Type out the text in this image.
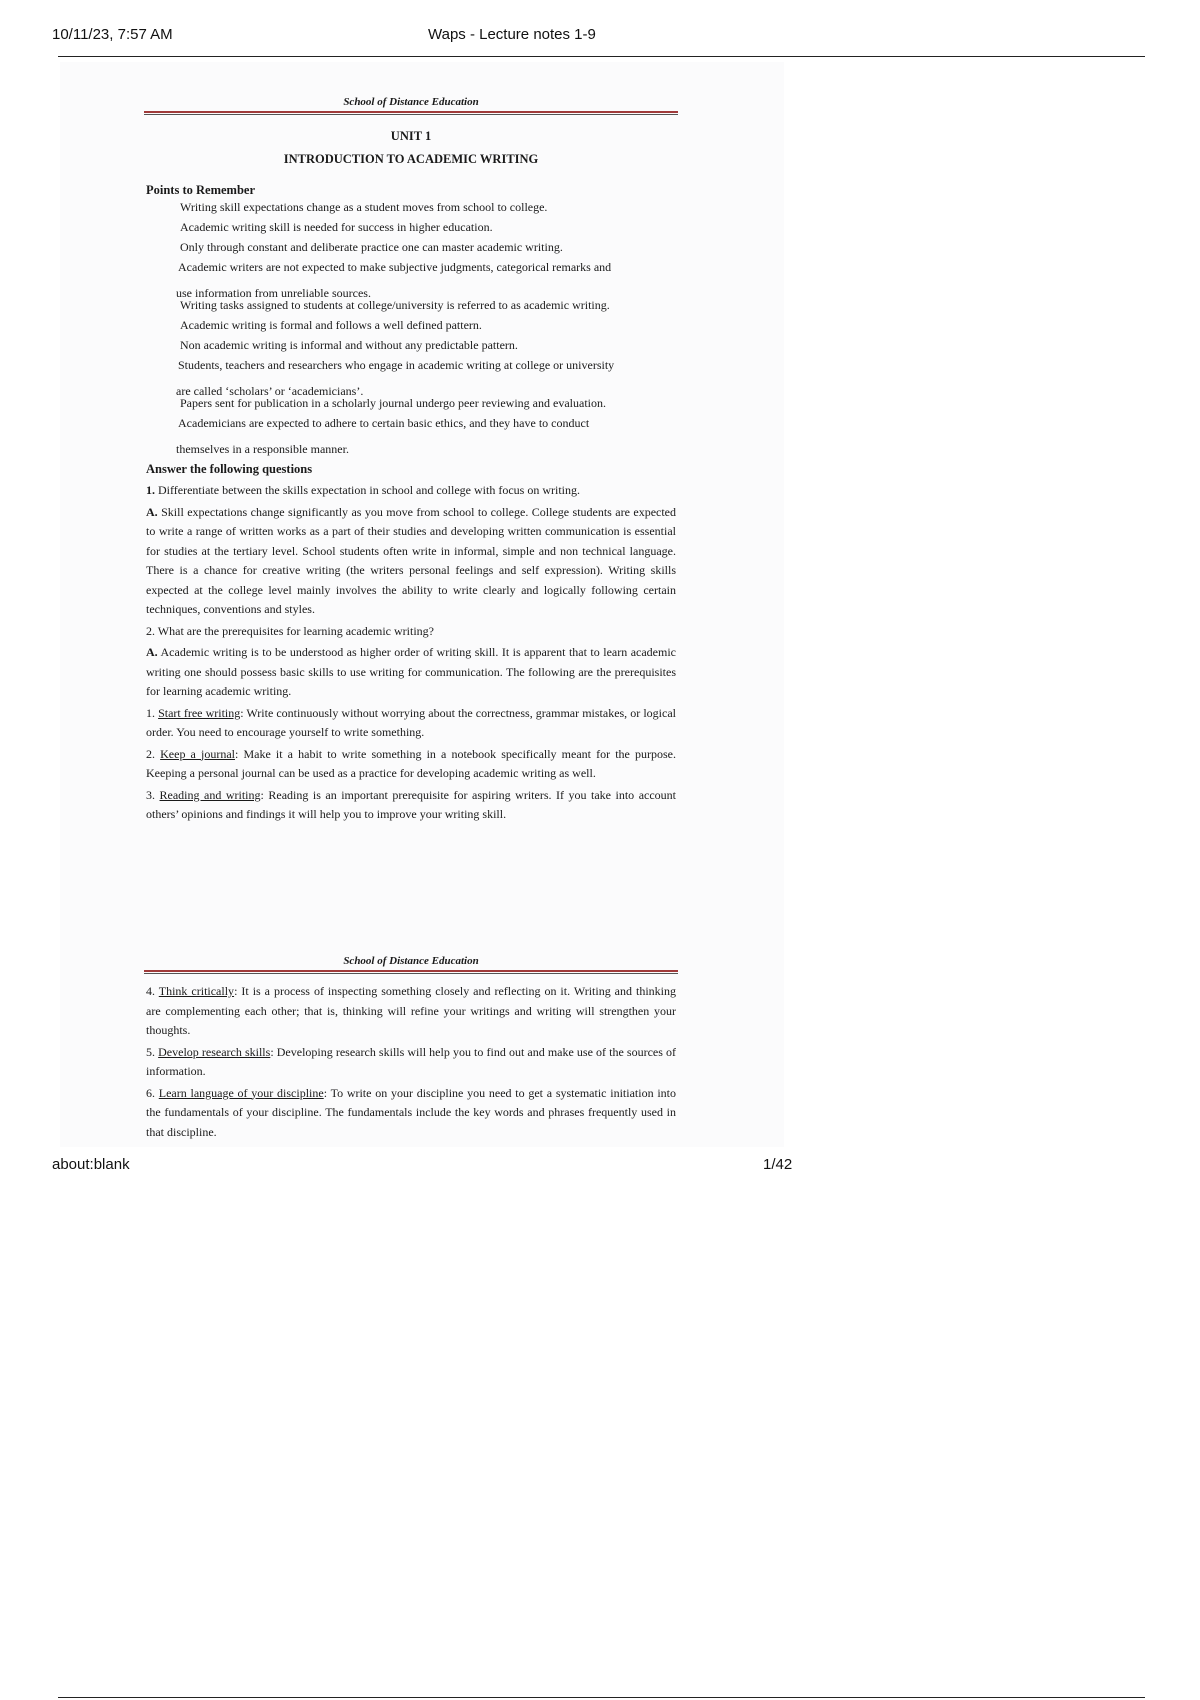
10/11/23, 7:57 AM	Waps - Lecture notes 1-9
School of Distance Education
UNIT 1
INTRODUCTION TO ACADEMIC WRITING
Points to Remember
Writing skill expectations change as a student moves from school to college.
Academic writing skill is needed for success in higher education.
Only through constant and deliberate practice one can master academic writing.
Academic writers are not expected to make subjective judgments, categorical remarks and
use information from unreliable sources.
Writing tasks assigned to students at college/university is referred to as academic writing.
Academic writing is formal and follows a well defined pattern.
Non academic writing is informal and without any predictable pattern.
Students, teachers and researchers who engage in academic writing at college or university
are called ‘scholars’ or ‘academicians’.
Papers sent for publication in a scholarly journal undergo peer reviewing and evaluation.
Academicians are expected to adhere to certain basic ethics, and they have to conduct
themselves in a responsible manner.
Answer the following questions

1. Differentiate between the skills expectation in school and college with focus on writing.

A. Skill expectations change significantly as you move from school to college. College students are expected to write a range of written works as a part of their studies and developing written communication is essential for studies at the tertiary level. School students often write in informal, simple and non technical language. There is a chance for creative writing (the writers personal feelings and self expression). Writing skills expected at the college level mainly involves the ability to write clearly and logically following certain techniques, conventions and styles.

2. What are the prerequisites for learning academic writing?

A. Academic writing is to be understood as higher order of writing skill. It is apparent that to learn academic writing one should possess basic skills to use writing for communication. The following are the prerequisites for learning academic writing.

1. Start free writing: Write continuously without worrying about the correctness, grammar mistakes, or logical order. You need to encourage yourself to write something.

2. Keep a journal: Make it a habit to write something in a notebook specifically meant for the purpose. Keeping a personal journal can be used as a practice for developing academic writing as well.

3. Reading and writing: Reading is an important prerequisite for aspiring writers. If you take into account others’ opinions and findings it will help you to improve your writing skill.

School of Distance Education

4. Think critically: It is a process of inspecting something closely and reflecting on it. Writing and thinking are complementing each other; that is, thinking will refine your writings and writing will strengthen your thoughts.

5. Develop research skills: Developing research skills will help you to find out and make use of the sources of information.

6. Learn language of your discipline: To write on your discipline you need to get a systematic initiation into the fundamentals of your discipline. The fundamentals include the key words and phrases frequently used in that discipline.

about:blank	1/42
